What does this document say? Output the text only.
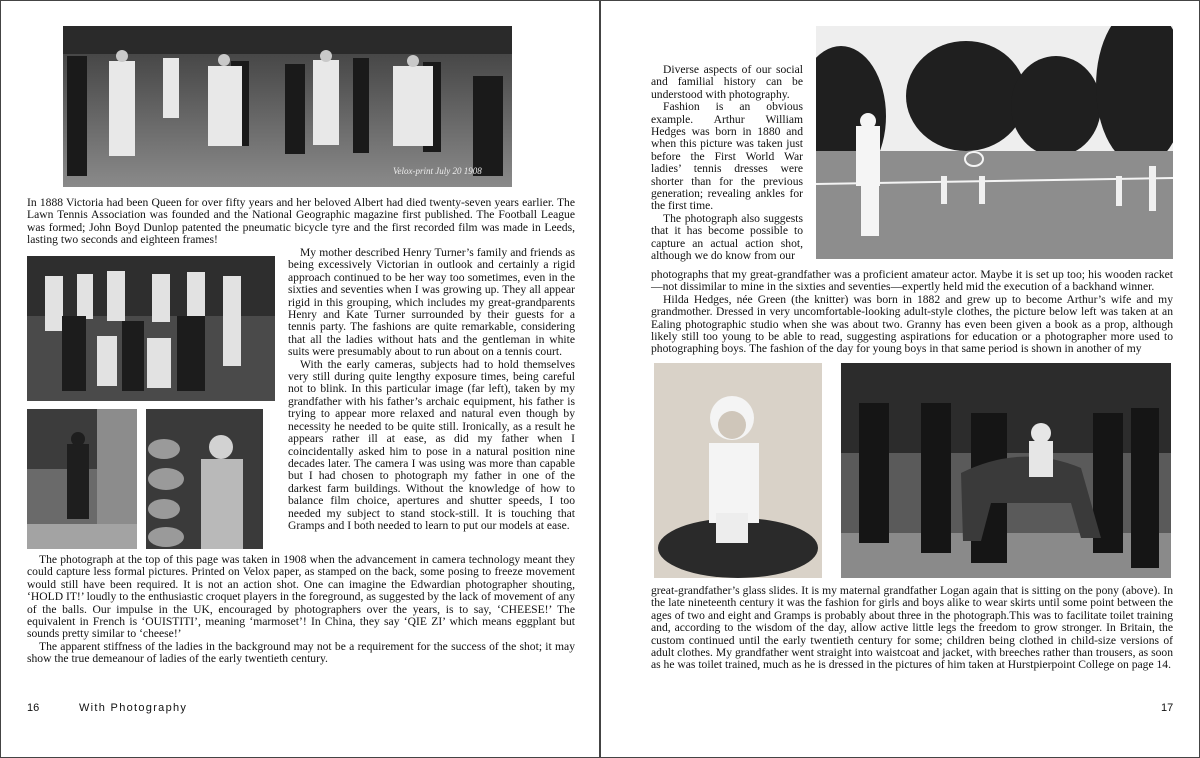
Velox-print July 20 1908

In 1888 Victoria had been Queen for over fifty years and her beloved Albert had died twenty-seven years earlier. The Lawn Tennis Association was founded and the National Geographic magazine first published. The Football League was formed; John Boyd Dunlop patented the pneumatic bicycle tyre and the first recorded film was made in Leeds, lasting two seconds and eighteen frames!

My mother described Henry Turner’s family and friends as being excessively Victorian in outlook and certainly a rigid approach continued to be her way too sometimes, even in the sixties and seventies when I was growing up. They all appear rigid in this grouping, which includes my great-grandparents Henry and Kate Turner surrounded by their guests for a tennis party. The fashions are quite remarkable, considering that all the ladies without hats and the gentleman in white suits were presumably about to run about on a tennis court.

With the early cameras, subjects had to hold themselves very still during quite lengthy exposure times, being careful not to blink. In this particular image (far left), taken by my grandfather with his father’s archaic equipment, his father is trying to appear more relaxed and natural even though by necessity he needed to be quite still. Ironically, as a result he appears rather ill at ease, as did my father when I coincidentally asked him to pose in a natural position nine decades later. The camera I was using was more than capable but I had chosen to photograph my father in one of the darkest farm buildings. Without the knowledge of how to balance film choice, apertures and shutter speeds, I too needed my subject to stand stock-still. It is touching that Gramps and I both needed to learn to put our models at ease.

The photograph at the top of this page was taken in 1908 when the advancement in camera technology meant they could capture less formal pictures. Printed on Velox paper, as stamped on the back, some posing to freeze movement would still have been required. It is not an action shot. One can imagine the Edwardian photographer shouting, ‘HOLD IT!’ loudly to the enthusiastic croquet players in the foreground, as suggested by the lack of movement of any of the balls. Our impulse in the UK, encouraged by photographers over the years, is to say, ‘CHEESE!’ The equivalent in French is ‘OUISTITI’, meaning ‘marmoset’! In China, they say ‘QIE ZI’ which means eggplant but sounds pretty similar to ‘cheese!’

The apparent stiffness of the ladies in the background may not be a requirement for the success of the shot; it may show the true demeanour of ladies of the early twentieth century.

16	With Photography

Diverse aspects of our social and familial history can be understood with photography.

Fashion is an obvious example. Arthur William Hedges was born in 1880 and when this picture was taken just before the First World War ladies’ tennis dresses were shorter than for the previous generation; revealing ankles for the first time.

The photograph also suggests that it has become possible to capture an actual action shot, although we do know from our

photographs that my great-grandfather was a proficient amateur actor. Maybe it is set up too; his wooden racket—not dissimilar to mine in the sixties and seventies—expertly held mid the execution of a backhand winner.

Hilda Hedges, née Green (the knitter) was born in 1882 and grew up to become Arthur’s wife and my grandmother. Dressed in very uncomfortable-looking adult-style clothes, the picture below left was taken at an Ealing photographic studio when she was about two. Granny has even been given a book as a prop, although likely still too young to be able to read, suggesting aspirations for education or a photographer more used to photographing boys. The fashion of the day for young boys in that same period is shown in another of my

great-grandfather’s glass slides. It is my maternal grandfather Logan again that is sitting on the pony (above). In the late nineteenth century it was the fashion for girls and boys alike to wear skirts until some point between the ages of two and eight and Gramps is probably about three in the photograph.This was to facilitate toilet training and, according to the wisdom of the day, allow active little legs the freedom to grow stronger. In Britain, the custom continued until the early twentieth century for some; children being clothed in child-size versions of adult clothes. My grandfather went straight into waistcoat and jacket, with breeches rather than trousers, as soon as he was toilet trained, much as he is dressed in the pictures of him taken at Hurstpierpoint College on page 14.

17
